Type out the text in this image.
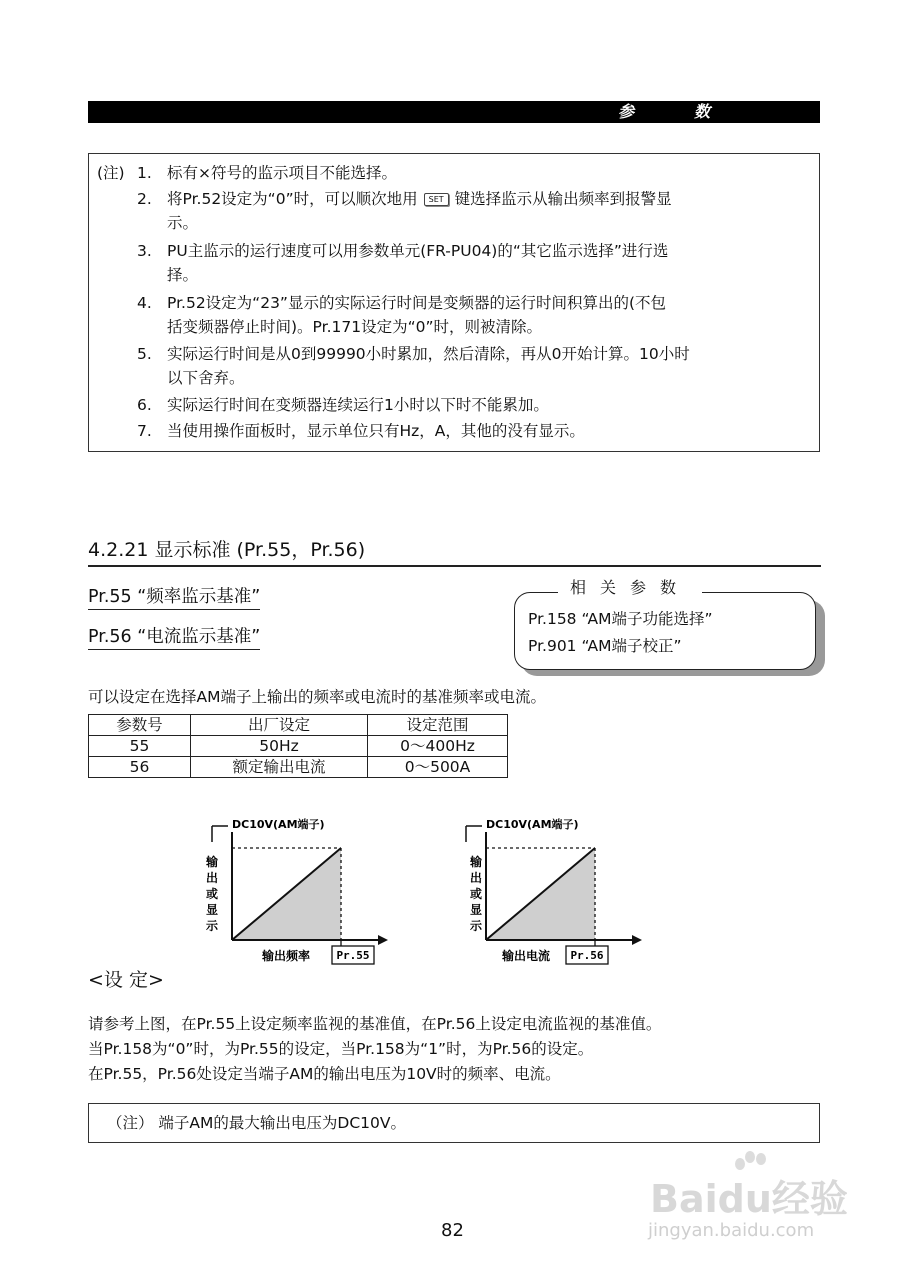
参数
(注) 1. 标有×符号的监示项目不能选择。
2. 将Pr.52设定为“0”时，可以顺次地用 SET 键选择监示从输出频率到报警显
示。
3. PU主监示的运行速度可以用参数单元(FR-PU04)的“其它监示选择”进行选
择。
4. Pr.52设定为“23”显示的实际运行时间是变频器的运行时间积算出的(不包
括变频器停止时间)。Pr.171设定为“0”时，则被清除。
5. 实际运行时间是从0到99990小时累加，然后清除，再从0开始计算。10小时
以下舍弃。
6. 实际运行时间在变频器连续运行1小时以下时不能累加。
7. 当使用操作面板时，显示单位只有Hz，A，其他的没有显示。
4.2.21 显示标准 (Pr.55，Pr.56)
Pr.55 “频率监示基准”
Pr.56 “电流监示基准”
相关参数
Pr.158 “AM端子功能选择”
Pr.901 “AM端子校正”
可以设定在选择AM端子上输出的频率或电流时的基准频率或电流。
参数号	出厂设定	设定范围
55	50Hz	0～400Hz
56	额定输出电流	0～500A
DC10V(AM端子)
输
出
或
显
示
输出频率 Pr.55
DC10V(AM端子)
输
出
或
显
示
输出电流 Pr.56
<设 定>
请参考上图，在Pr.55上设定频率监视的基准值，在Pr.56上设定电流监视的基准值。
当Pr.158为“0”时，为Pr.55的设定，当Pr.158为“1”时，为Pr.56的设定。
在Pr.55，Pr.56处设定当端子AM的输出电压为10V时的频率、电流。
（注） 端子AM的最大输出电压为DC10V。
Baidu经验
jingyan.baidu.com
82
